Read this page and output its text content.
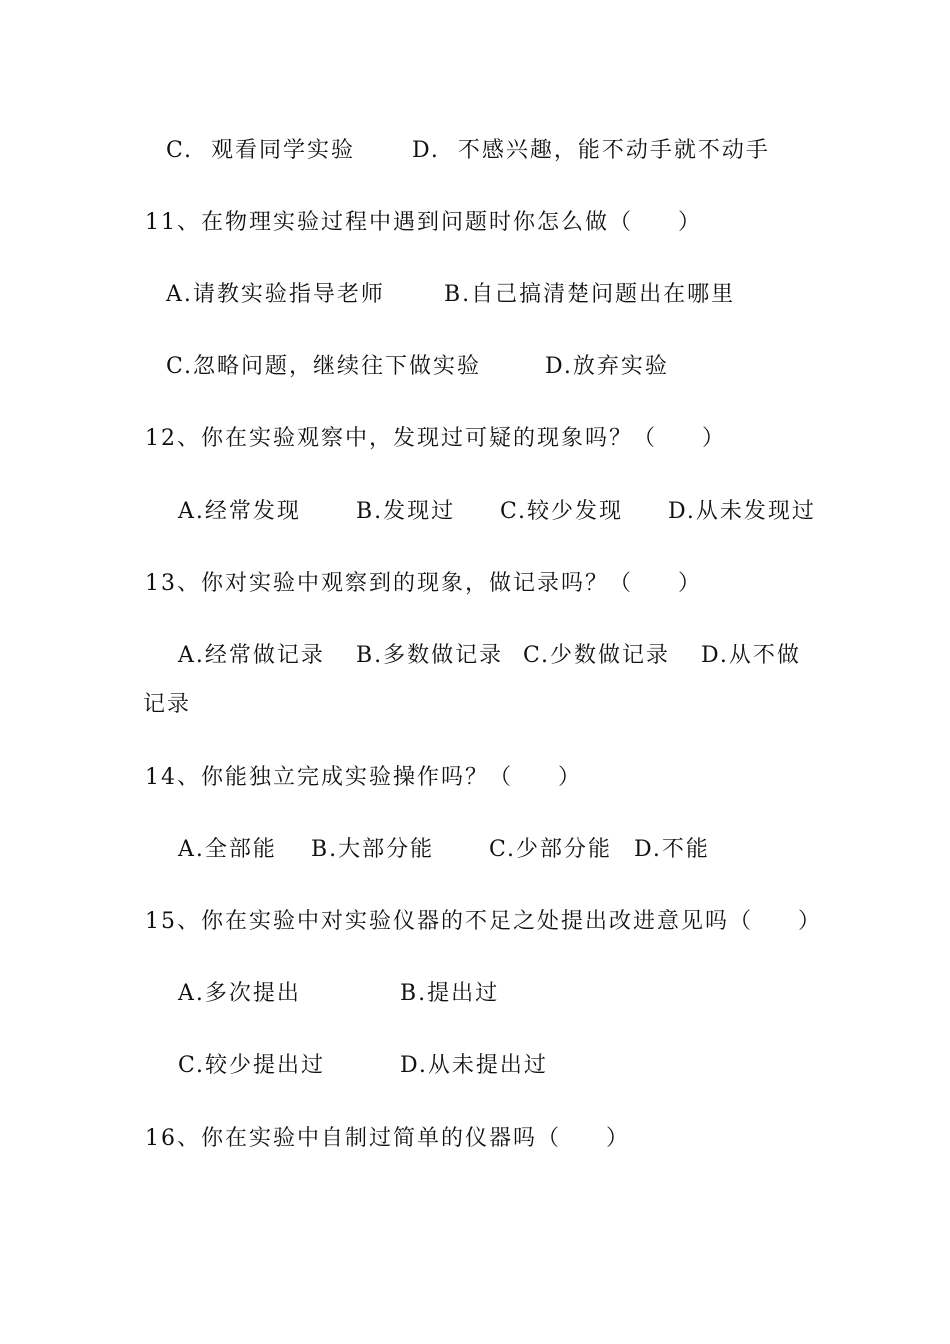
C.  观看同学实验	D.  不感兴趣，能不动手就不动手
11、在物理实验过程中遇到问题时你怎么做（     ）
A.请教实验指导老师	B.自己搞清楚问题出在哪里
C.忽略问题，继续往下做实验	D.放弃实验
12、你在实验观察中，发现过可疑的现象吗？（     ）
A.经常发现	B.发现过 C.较少发现 D.从未发现过
13、你对实验中观察到的现象，做记录吗？（     ）
A.经常做记录 B.多数做记录 C.少数做记录 D.从不做
记录
14、你能独立完成实验操作吗？（     ）
A.全部能 B.大部分能 C.少部分能 D.不能
15、你在实验中对实验仪器的不足之处提出改进意见吗（     ）
A.多次提出	B.提出过
C.较少提出过	D.从未提出过
16、你在实验中自制过简单的仪器吗（     ）
